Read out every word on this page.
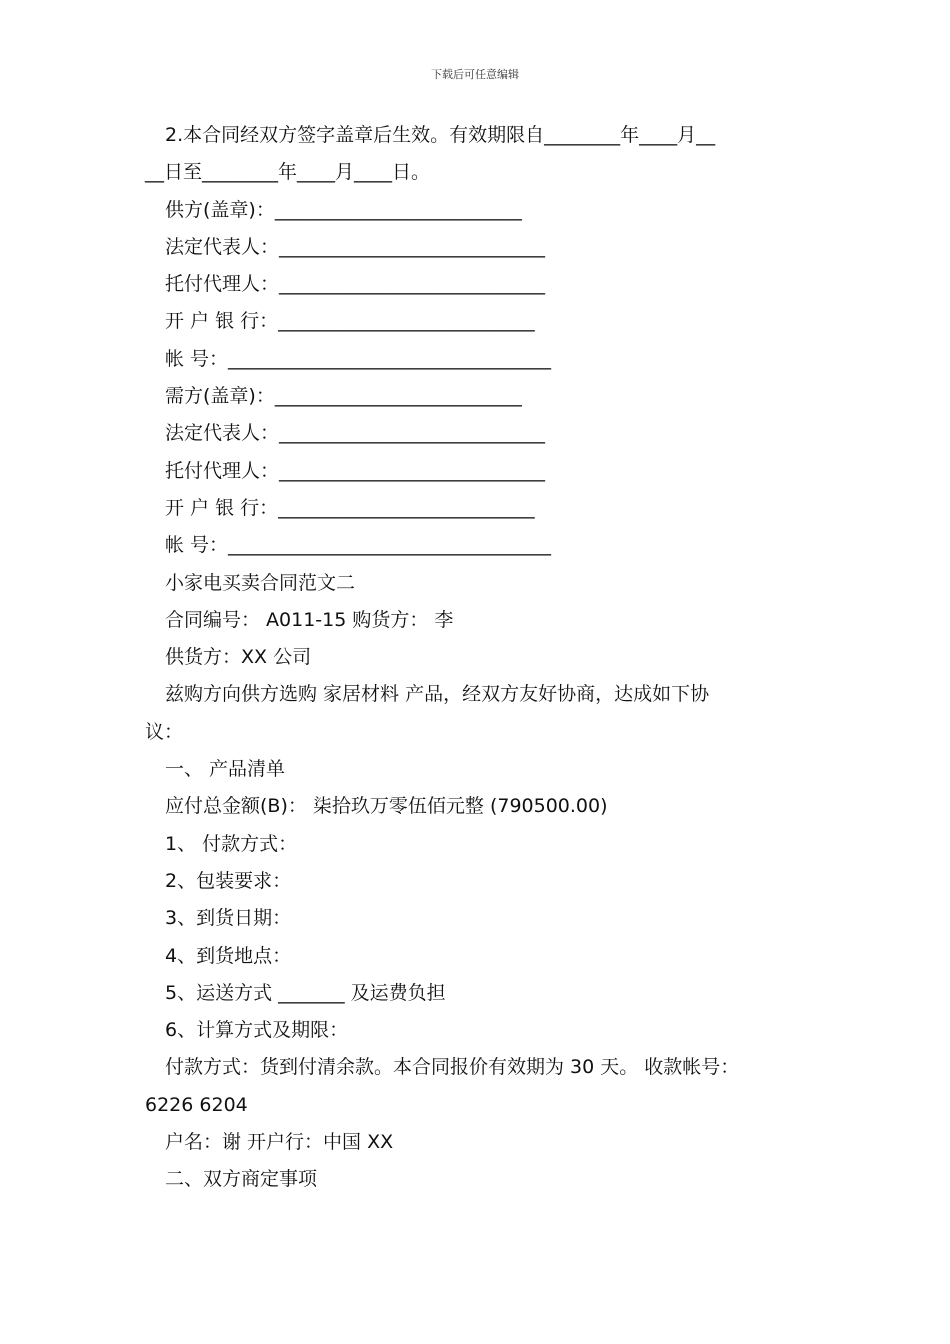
下载后可任意编辑
2.本合同经双方签字盖章后生效。有效期限自________年____月__
__日至________年____月____日。
供方(盖章)：__________________________
法定代表人：____________________________
托付代理人：____________________________
开 户 银 行：___________________________
帐 号：__________________________________
需方(盖章)：__________________________
法定代表人：____________________________
托付代理人：____________________________
开 户 银 行：___________________________
帐 号：__________________________________
小家电买卖合同范文二
合同编号： A011-15 购货方： 李
供货方：XX 公司
兹购方向供方选购 家居材料 产品，经双方友好协商，达成如下协
议：
一、 产品清单
应付总金额(B)： 柒拾玖万零伍佰元整 (790500.00)
1、 付款方式：
2、包装要求：
3、到货日期：
4、到货地点：
5、运送方式 _______ 及运费负担
6、计算方式及期限：
付款方式：货到付清余款。本合同报价有效期为 30 天。 收款帐号：
6226 6204
户名：谢 开户行：中国 XX
二、双方商定事项
